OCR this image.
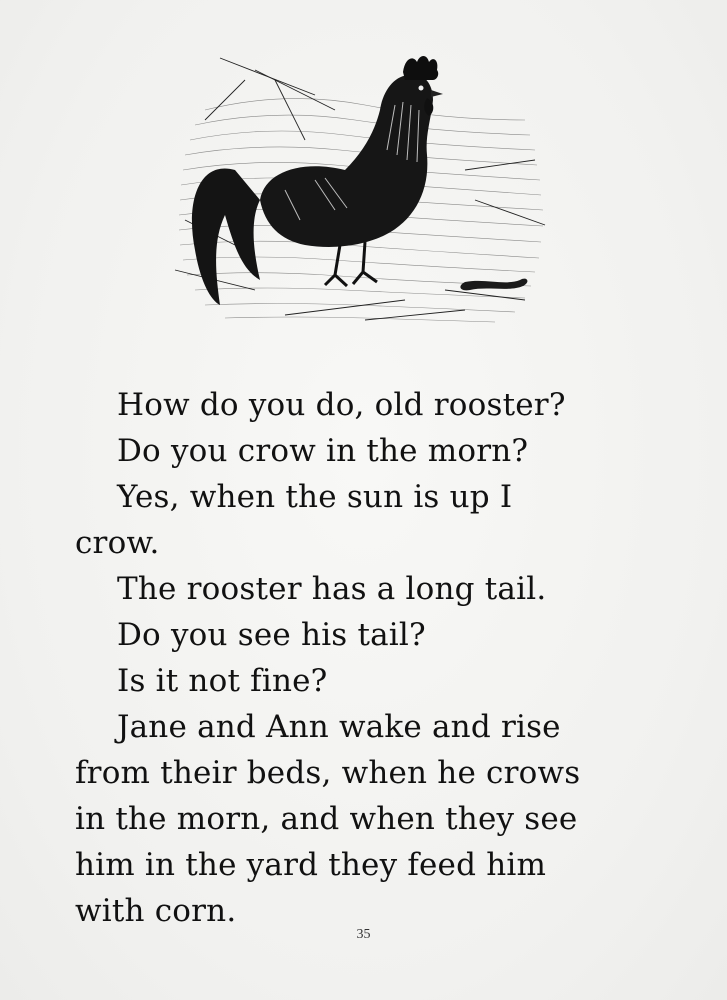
How do you do, old rooster?
Do you crow in the morn?
Yes, when the sun is up I
crow.
The rooster has a long tail.
Do you see his tail?
Is it not fine?
Jane and Ann wake and rise
from their beds, when he crows
in the morn, and when they see
him in the yard they feed him
with corn.
35
